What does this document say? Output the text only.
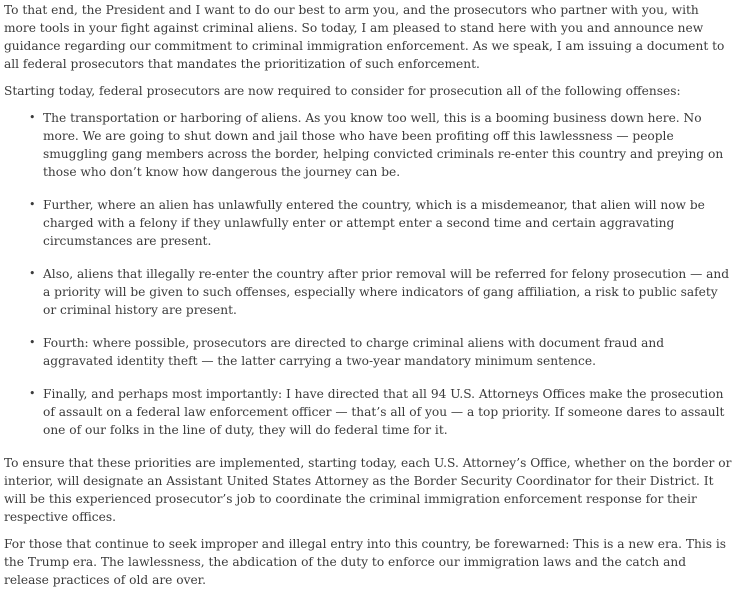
To that end, the President and I want to do our best to arm you, and the prosecutors who partner with you, with more tools in your fight against criminal aliens. So today, I am pleased to stand here with you and announce new guidance regarding our commitment to criminal immigration enforcement. As we speak, I am issuing a document to all federal prosecutors that mandates the prioritization of such enforcement.

Starting today, federal prosecutors are now required to consider for prosecution all of the following offenses:

• The transportation or harboring of aliens. As you know too well, this is a booming business down here. No more. We are going to shut down and jail those who have been profiting off this lawlessness — people smuggling gang members across the border, helping convicted criminals re-enter this country and preying on those who don’t know how dangerous the journey can be.
• Further, where an alien has unlawfully entered the country, which is a misdemeanor, that alien will now be charged with a felony if they unlawfully enter or attempt enter a second time and certain aggravating circumstances are present.
• Also, aliens that illegally re-enter the country after prior removal will be referred for felony prosecution — and a priority will be given to such offenses, especially where indicators of gang affiliation, a risk to public safety or criminal history are present.
• Fourth: where possible, prosecutors are directed to charge criminal aliens with document fraud and aggravated identity theft — the latter carrying a two-year mandatory minimum sentence.
• Finally, and perhaps most importantly: I have directed that all 94 U.S. Attorneys Offices make the prosecution of assault on a federal law enforcement officer — that’s all of you — a top priority. If someone dares to assault one of our folks in the line of duty, they will do federal time for it.

To ensure that these priorities are implemented, starting today, each U.S. Attorney’s Office, whether on the border or interior, will designate an Assistant United States Attorney as the Border Security Coordinator for their District. It will be this experienced prosecutor’s job to coordinate the criminal immigration enforcement response for their respective offices.

For those that continue to seek improper and illegal entry into this country, be forewarned: This is a new era. This is the Trump era. The lawlessness, the abdication of the duty to enforce our immigration laws and the catch and release practices of old are over.
